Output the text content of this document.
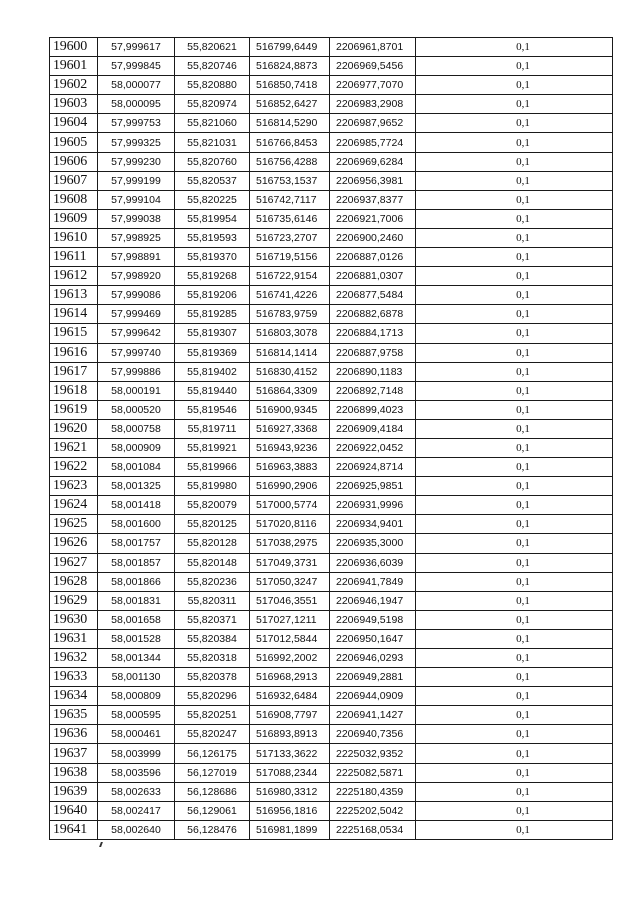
19600	57,999617	55,820621	516799,6449	2206961,8701	0,1
19601	57,999845	55,820746	516824,8873	2206969,5456	0,1
19602	58,000077	55,820880	516850,7418	2206977,7070	0,1
19603	58,000095	55,820974	516852,6427	2206983,2908	0,1
19604	57,999753	55,821060	516814,5290	2206987,9652	0,1
19605	57,999325	55,821031	516766,8453	2206985,7724	0,1
19606	57,999230	55,820760	516756,4288	2206969,6284	0,1
19607	57,999199	55,820537	516753,1537	2206956,3981	0,1
19608	57,999104	55,820225	516742,7117	2206937,8377	0,1
19609	57,999038	55,819954	516735,6146	2206921,7006	0,1
19610	57,998925	55,819593	516723,2707	2206900,2460	0,1
19611	57,998891	55,819370	516719,5156	2206887,0126	0,1
19612	57,998920	55,819268	516722,9154	2206881,0307	0,1
19613	57,999086	55,819206	516741,4226	2206877,5484	0,1
19614	57,999469	55,819285	516783,9759	2206882,6878	0,1
19615	57,999642	55,819307	516803,3078	2206884,1713	0,1
19616	57,999740	55,819369	516814,1414	2206887,9758	0,1
19617	57,999886	55,819402	516830,4152	2206890,1183	0,1
19618	58,000191	55,819440	516864,3309	2206892,7148	0,1
19619	58,000520	55,819546	516900,9345	2206899,4023	0,1
19620	58,000758	55,819711	516927,3368	2206909,4184	0,1
19621	58,000909	55,819921	516943,9236	2206922,0452	0,1
19622	58,001084	55,819966	516963,3883	2206924,8714	0,1
19623	58,001325	55,819980	516990,2906	2206925,9851	0,1
19624	58,001418	55,820079	517000,5774	2206931,9996	0,1
19625	58,001600	55,820125	517020,8116	2206934,9401	0,1
19626	58,001757	55,820128	517038,2975	2206935,3000	0,1
19627	58,001857	55,820148	517049,3731	2206936,6039	0,1
19628	58,001866	55,820236	517050,3247	2206941,7849	0,1
19629	58,001831	55,820311	517046,3551	2206946,1947	0,1
19630	58,001658	55,820371	517027,1211	2206949,5198	0,1
19631	58,001528	55,820384	517012,5844	2206950,1647	0,1
19632	58,001344	55,820318	516992,2002	2206946,0293	0,1
19633	58,001130	55,820378	516968,2913	2206949,2881	0,1
19634	58,000809	55,820296	516932,6484	2206944,0909	0,1
19635	58,000595	55,820251	516908,7797	2206941,1427	0,1
19636	58,000461	55,820247	516893,8913	2206940,7356	0,1
19637	58,003999	56,126175	517133,3622	2225032,9352	0,1
19638	58,003596	56,127019	517088,2344	2225082,5871	0,1
19639	58,002633	56,128686	516980,3312	2225180,4359	0,1
19640	58,002417	56,129061	516956,1816	2225202,5042	0,1
19641	58,002640	56,128476	516981,1899	2225168,0534	0,1
